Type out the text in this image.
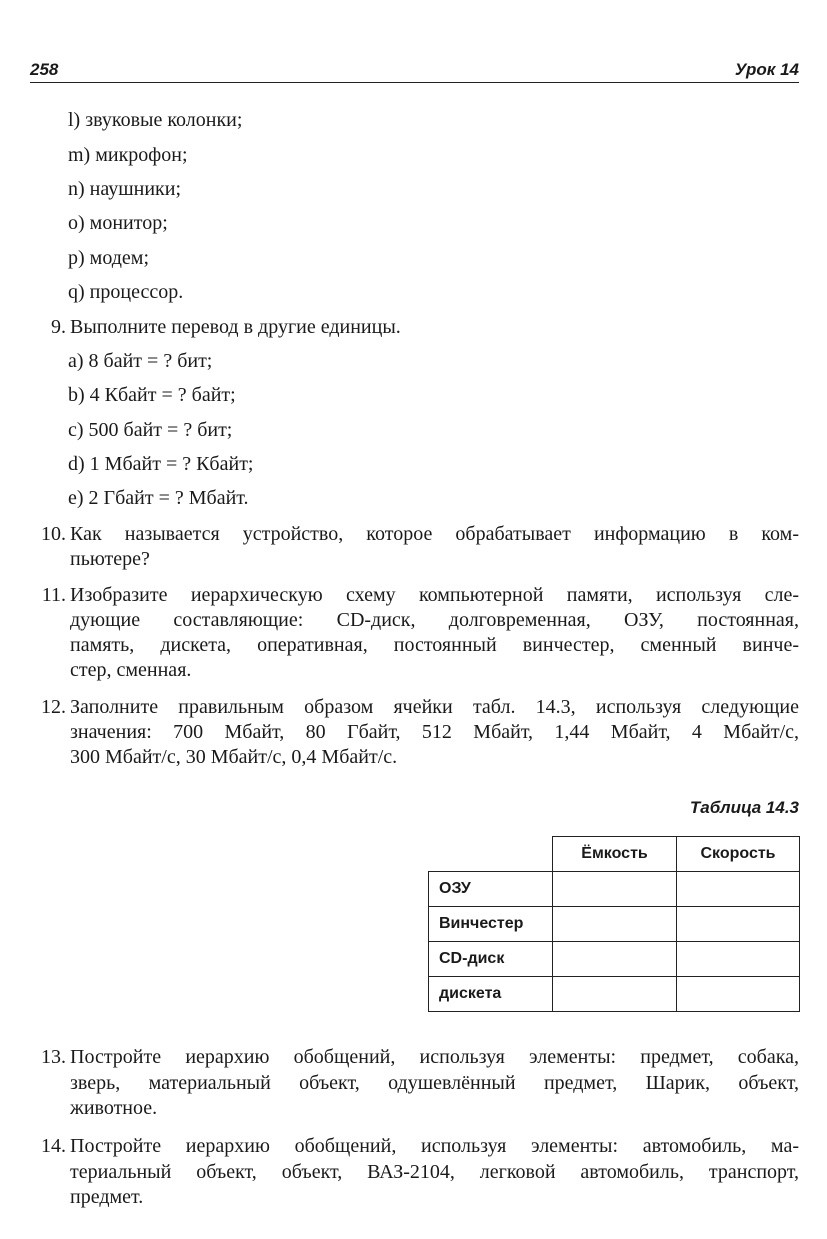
258	Урок 14
l) звуковые колонки;
m) микрофон;
n) наушники;
o) монитор;
p) модем;
q) процессор.
9. Выполните перевод в другие единицы.
a) 8 байт = ? бит;
b) 4 Кбайт = ? байт;
c) 500 байт = ? бит;
d) 1 Мбайт = ? Кбайт;
e) 2 Гбайт = ? Мбайт.
10. Как называется устройство, которое обрабатывает информацию в ком-
пьютере?
11. Изобразите иерархическую схему компьютерной памяти, используя сле-
дующие составляющие: CD-диск, долговременная, ОЗУ, постоянная,
память, дискета, оперативная, постоянный винчестер, сменный винче-
стер, сменная.
12. Заполните правильным образом ячейки табл. 14.3, используя следующие
значения: 700 Мбайт, 80 Гбайт, 512 Мбайт, 1,44 Мбайт, 4 Мбайт/с,
300 Мбайт/с, 30 Мбайт/с, 0,4 Мбайт/с.
Таблица 14.3
	Ёмкость	Скорость
ОЗУ		
Винчестер		
CD-диск		
дискета		
13. Постройте иерархию обобщений, используя элементы: предмет, собака,
зверь, материальный объект, одушевлённый предмет, Шарик, объект,
животное.
14. Постройте иерархию обобщений, используя элементы: автомобиль, ма-
териальный объект, объект, ВАЗ-2104, легковой автомобиль, транспорт,
предмет.
